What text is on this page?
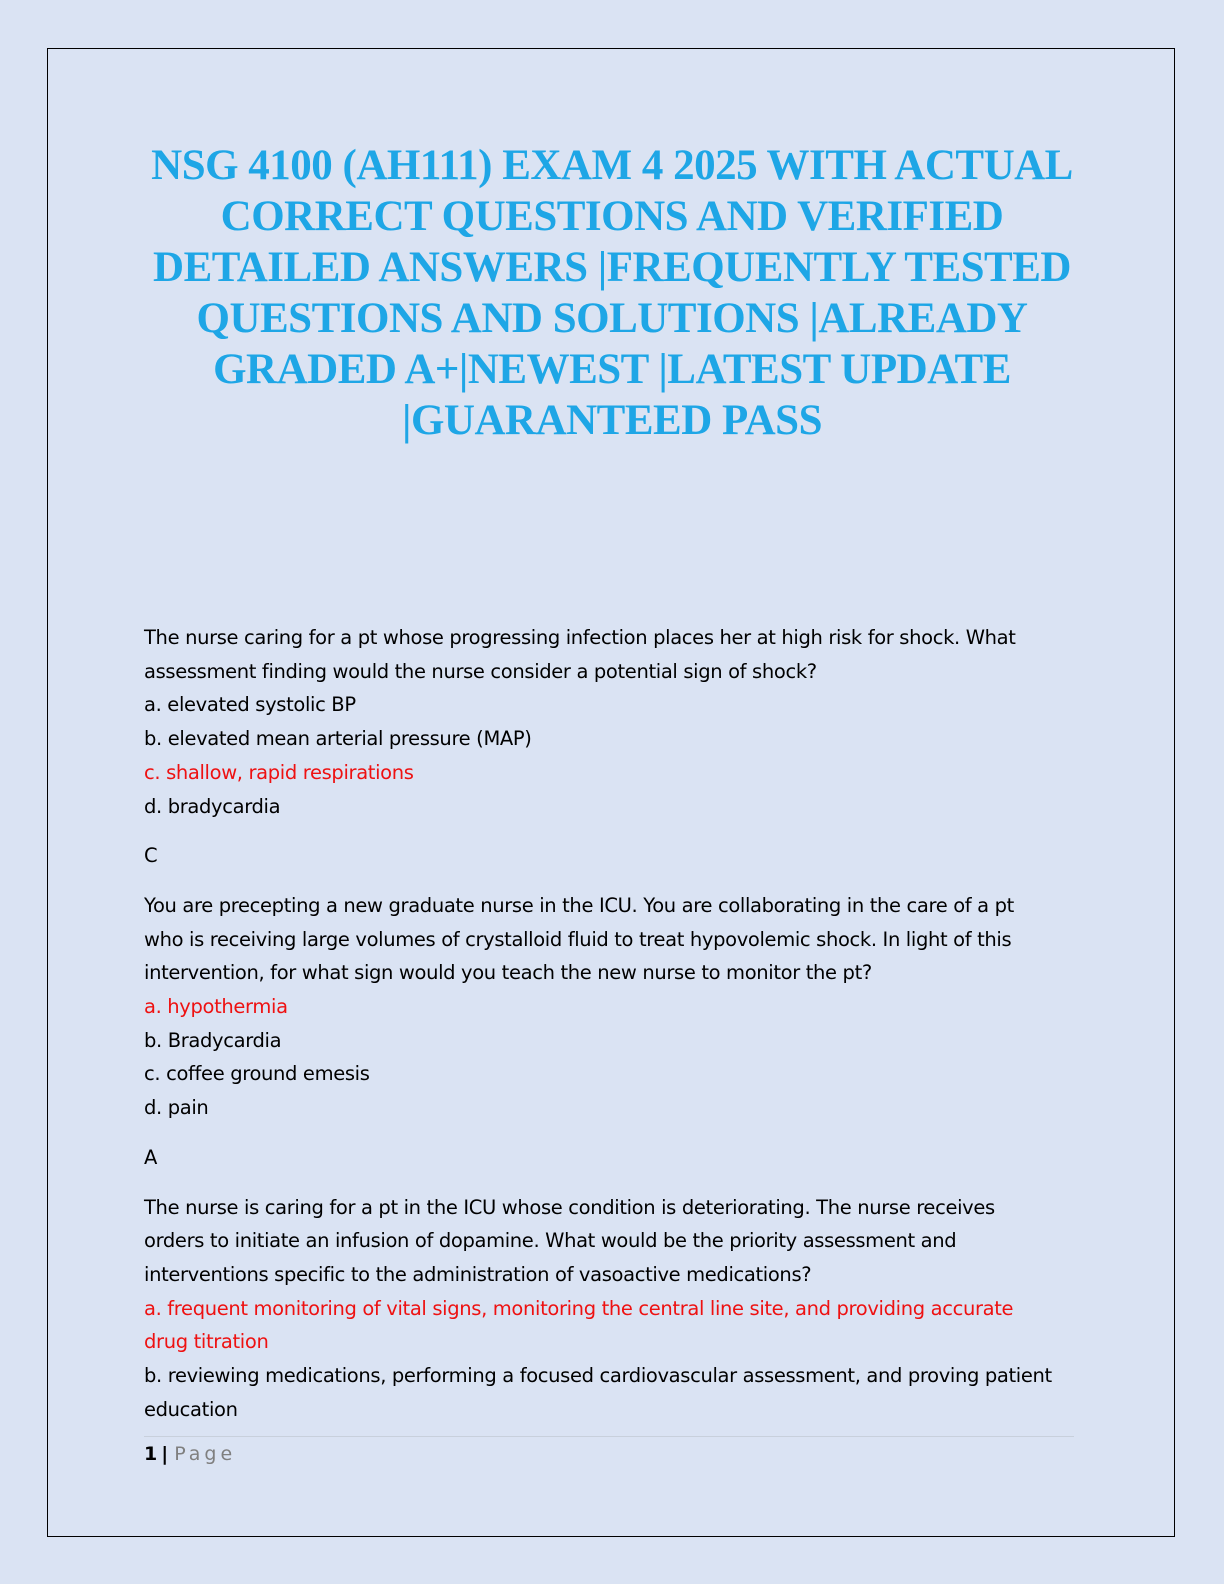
NSG 4100 (AH111) EXAM 4 2025 WITH ACTUAL
CORRECT QUESTIONS AND VERIFIED
DETAILED ANSWERS |FREQUENTLY TESTED
QUESTIONS AND SOLUTIONS |ALREADY
GRADED A+|NEWEST |LATEST UPDATE
|GUARANTEED PASS
The nurse caring for a pt whose progressing infection places her at high risk for shock. What
assessment finding would the nurse consider a potential sign of shock?
a. elevated systolic BP
b. elevated mean arterial pressure (MAP)
c. shallow, rapid respirations
d. bradycardia
C
You are precepting a new graduate nurse in the ICU. You are collaborating in the care of a pt
who is receiving large volumes of crystalloid fluid to treat hypovolemic shock. In light of this
intervention, for what sign would you teach the new nurse to monitor the pt?
a. hypothermia
b. Bradycardia
c. coffee ground emesis
d. pain
A
The nurse is caring for a pt in the ICU whose condition is deteriorating. The nurse receives
orders to initiate an infusion of dopamine. What would be the priority assessment and
interventions specific to the administration of vasoactive medications?
a. frequent monitoring of vital signs, monitoring the central line site, and providing accurate
drug titration
b. reviewing medications, performing a focused cardiovascular assessment, and proving patient
education
1 | Page
